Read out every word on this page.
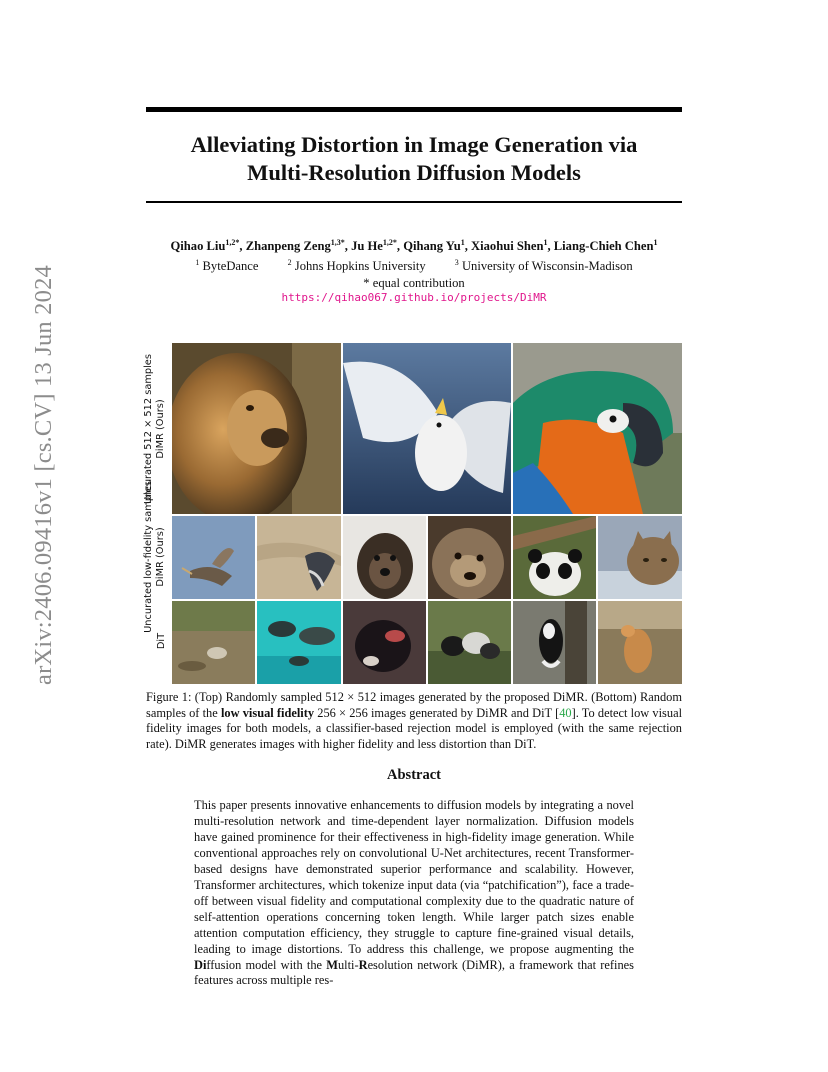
Alleviating Distortion in Image Generation via
Multi-Resolution Diffusion Models
Qihao Liu$^{1,2*}$, Zhanpeng Zeng$^{1,3*}$, Ju $He^{1,2*}$, Qihang Yu$^1$, Xiaohui Shen$^1$, Liang-Chieh Chen$^1$
$^1$ ByteDance	$^2$ Johns Hopkins University	$^3$ University of Wisconsin-Madison
* equal contribution
https://qihao067.github.io/projects/DiMR
arXiv:2406.09416v1 [cs.CV] 13 Jun 2024	Uncurated 512 × 512 samples DiMR (Ours)
Uncurated low-fidelity samples DiMR (Ours)
DiT
Figure 1: (Top) Randomly sampled 512 × 512 images generated by the proposed DiMR. (Bottom) Random samples of the low visual fidelity 256 × 256 images generated by DiMR and DiT [40]. To detect low visual fidelity images for both models, a classifier-based rejection model is employed (with the same rejection rate). DiMR generates images with higher fidelity and less distortion than DiT.
Abstract
This paper presents innovative enhancements to diffusion models by integrating a novel multi-resolution network and time-dependent layer normalization. Diffusion models have gained prominence for their effectiveness in high-fidelity image generation. While conventional approaches rely on convolutional U-Net architectures, recent Transformer-based designs have demonstrated superior performance and scalability. However, Transformer architectures, which tokenize input data (via “patchification”), face a trade-off between visual fidelity and computational complexity due to the quadratic nature of self-attention operations concerning token length. While larger patch sizes enable attention computation efficiency, they struggle to capture fine-grained visual details, leading to image distortions. To address this challenge, we propose augmenting the Diffusion model with the Multi-Resolution network (DiMR), a framework that refines features across multiple res-
